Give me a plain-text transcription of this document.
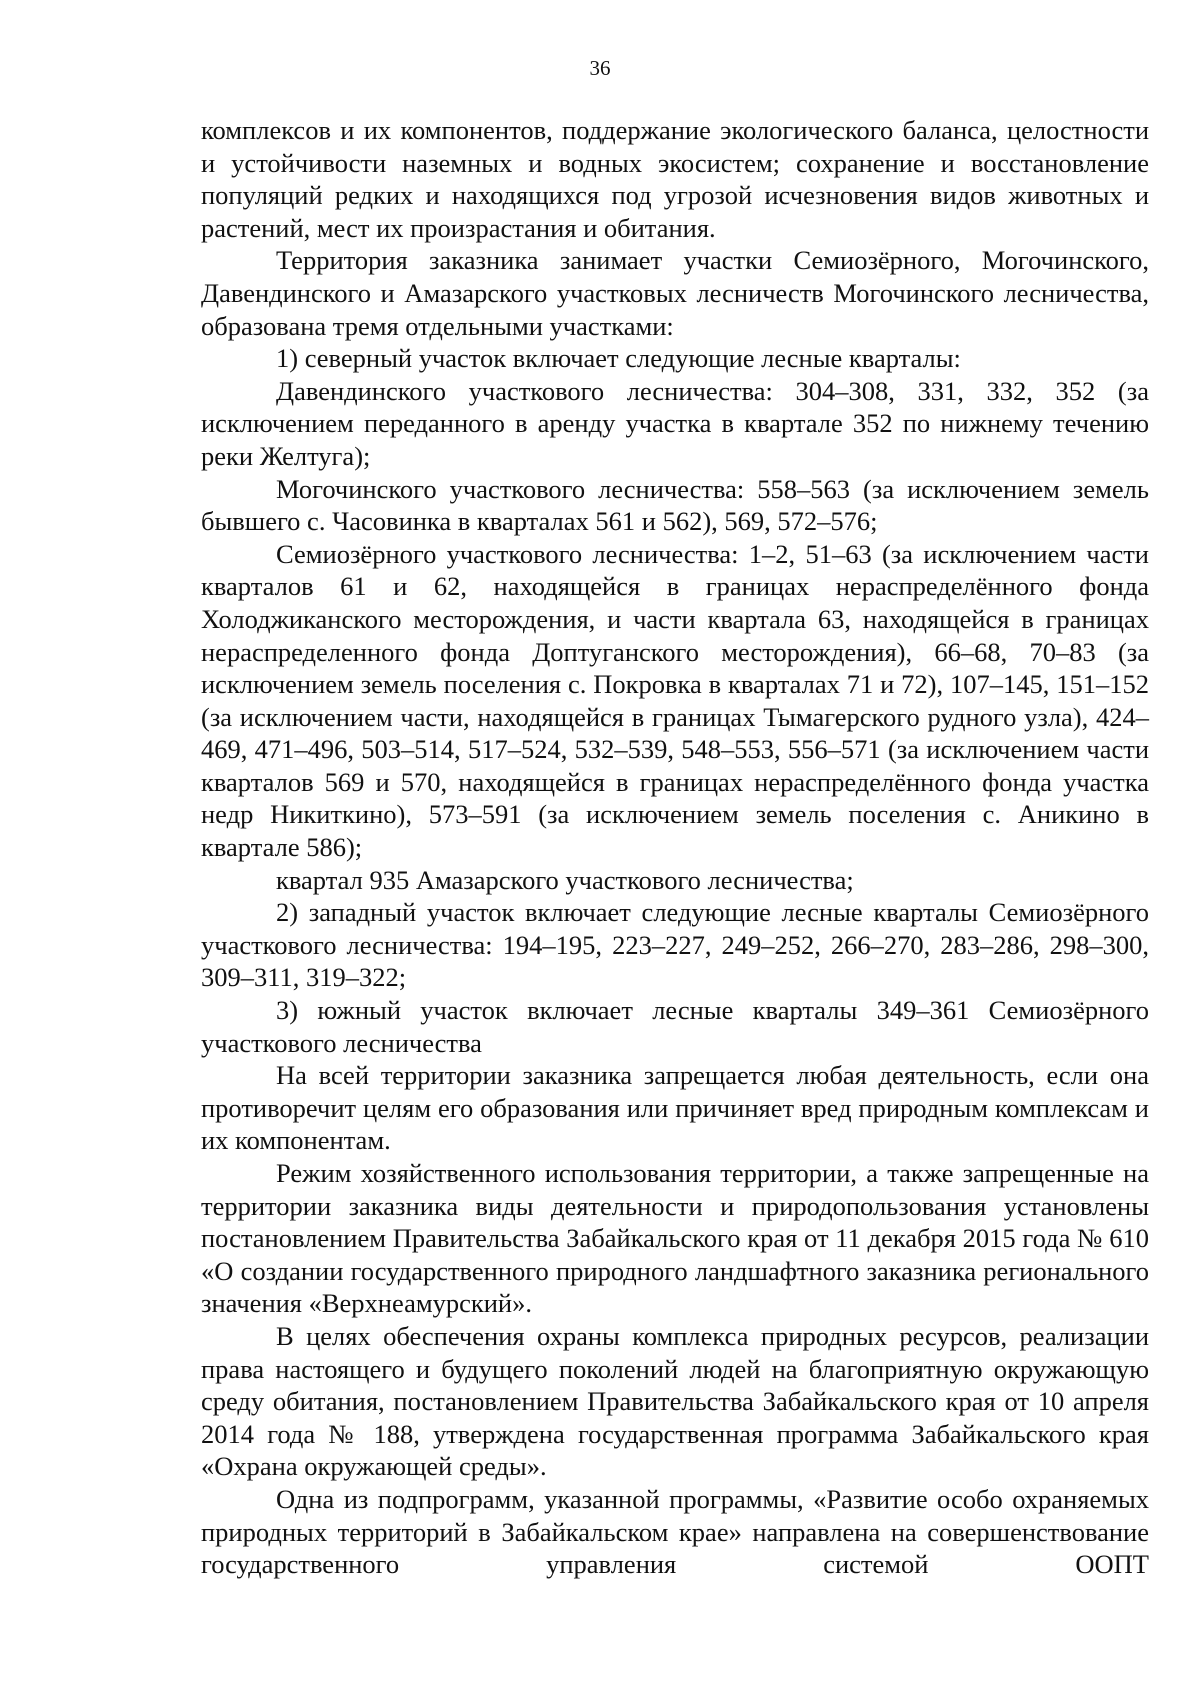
36

комплексов и их компонентов, поддержание экологического баланса, целостности и устойчивости наземных и водных экосистем; сохранение и восстановление популяций редких и находящихся под угрозой исчезновения видов животных и растений, мест их произрастания и обитания.

Территория заказника занимает участки Семиозёрного, Могочинского, Давендинского и Амазарского участковых лесничеств Могочинского лесничества, образована тремя отдельными участками:

1) северный участок включает следующие лесные кварталы:

Давендинского участкового лесничества: 304–308, 331, 332, 352 (за исключением переданного в аренду участка в квартале 352 по нижнему течению реки Желтуга);

Могочинского участкового лесничества: 558–563 (за исключением земель бывшего с. Часовинка в кварталах 561 и 562), 569, 572–576;

Семиозёрного участкового лесничества: 1–2, 51–63 (за исключением части кварталов 61 и 62, находящейся в границах нераспределённого фонда Холоджиканского месторождения, и части квартала 63, находящейся в границах нераспределенного фонда Доптуганского месторождения), 66–68, 70–83 (за исключением земель поселения с. Покровка в кварталах 71 и 72), 107–145, 151–152 (за исключением части, находящейся в границах Тымагерского рудного узла), 424–469, 471–496, 503–514, 517–524, 532–539, 548–553, 556–571 (за исключением части кварталов 569 и 570, находящейся в границах нераспределённого фонда участка недр Никиткино), 573–591 (за исключением земель поселения с. Аникино в квартале 586);

квартал 935 Амазарского участкового лесничества;

2) западный участок включает следующие лесные кварталы Семиозёрного участкового лесничества: 194–195, 223–227, 249–252, 266–270, 283–286, 298–300, 309–311, 319–322;

3) южный участок включает лесные кварталы 349–361 Семиозёрного участкового лесничества

На всей территории заказника запрещается любая деятельность, если она противоречит целям его образования или причиняет вред природным комплексам и их компонентам.

Режим хозяйственного использования территории, а также запрещенные на территории заказника виды деятельности и природопользования установлены постановлением Правительства Забайкальского края от 11 декабря 2015 года № 610 «О создании государственного природного ландшафтного заказника регионального значения «Верхнеамурский».

В целях обеспечения охраны комплекса природных ресурсов, реализации права настоящего и будущего поколений людей на благоприятную окружающую среду обитания, постановлением Правительства Забайкальского края от 10 апреля 2014 года № 188, утверждена государственная программа Забайкальского края «Охрана окружающей среды».

Одна из подпрограмм, указанной программы, «Развитие особо охраняемых природных территорий в Забайкальском крае» направлена на совершенствование государственного управления системой ООПТ
